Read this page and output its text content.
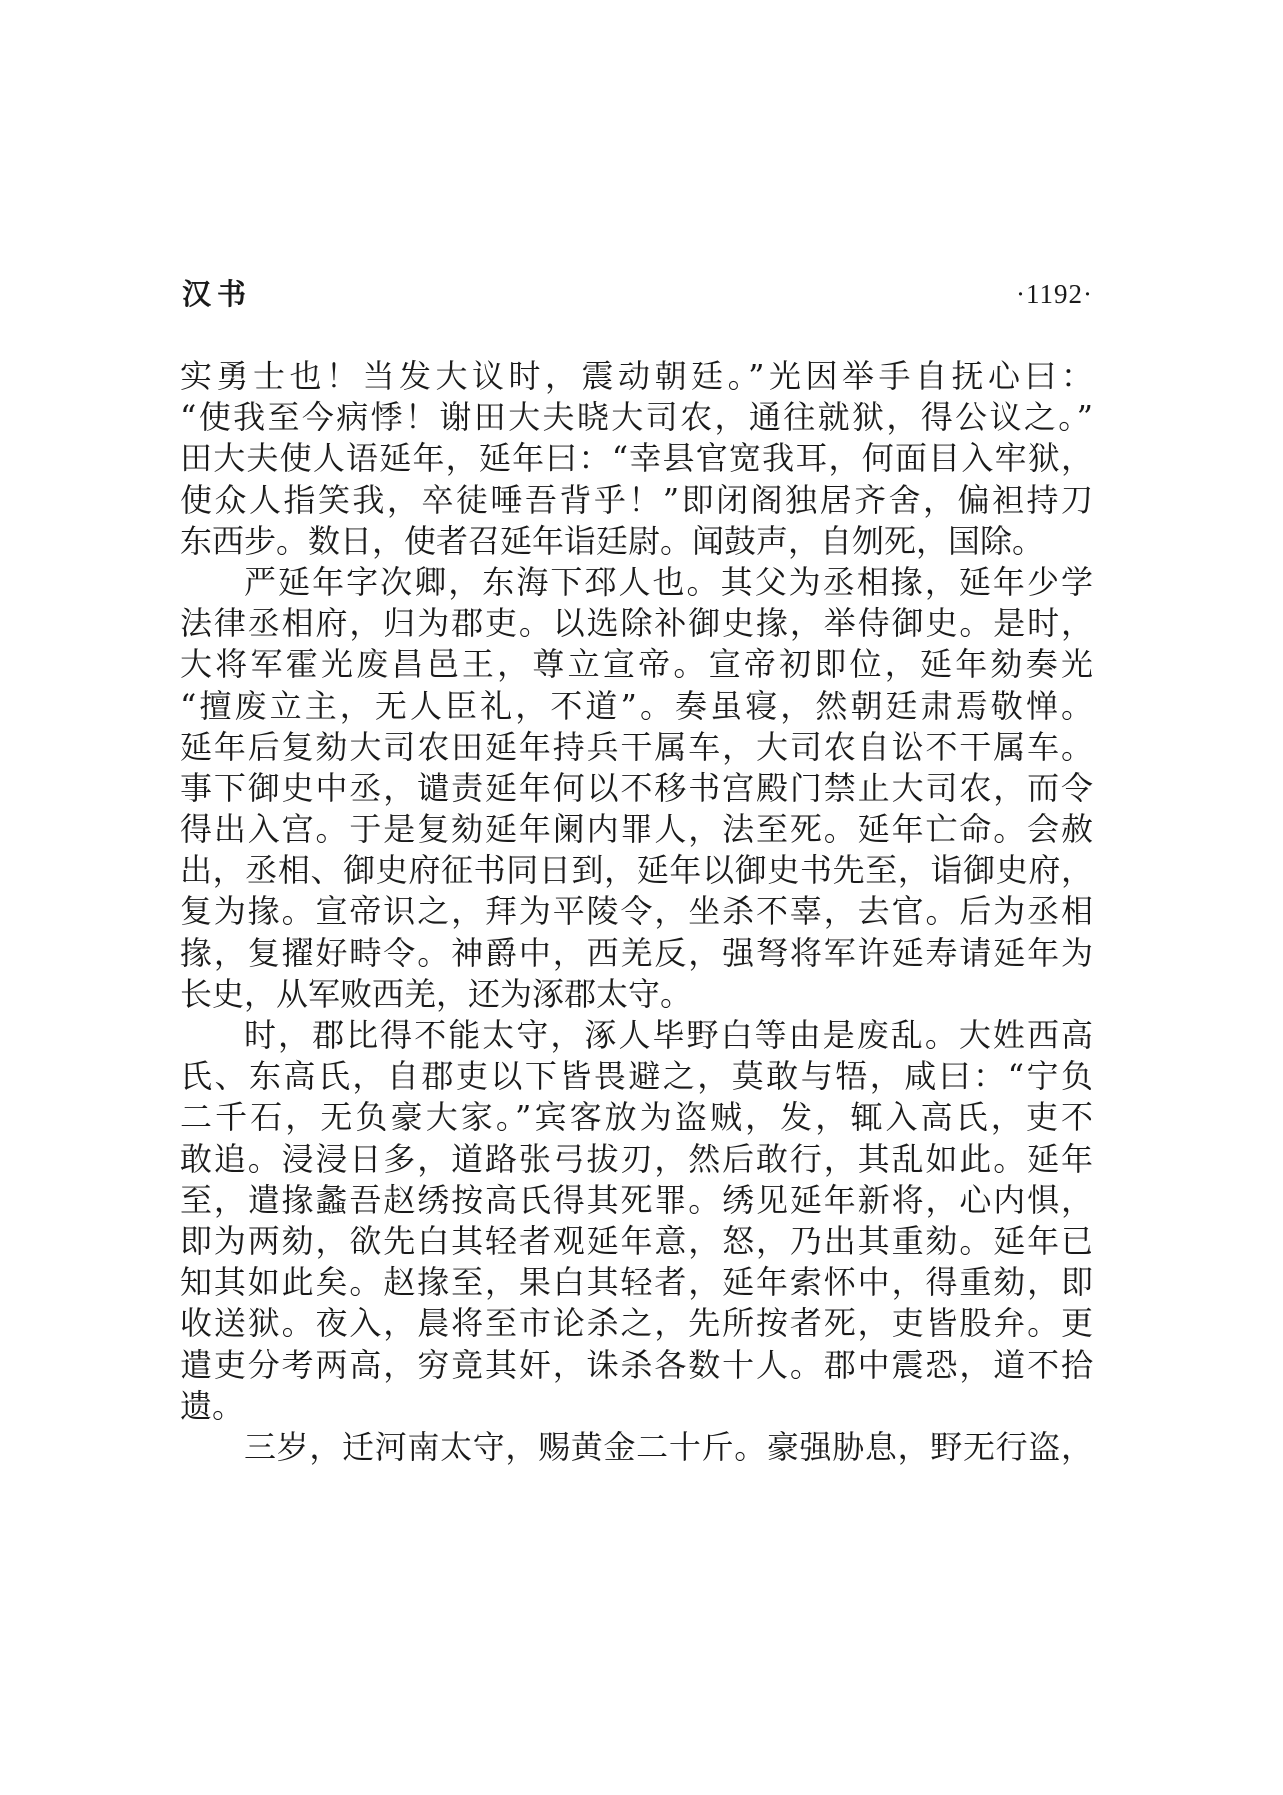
汉书	·1192·
实勇士也！当发大议时，震动朝廷。”光因举手自抚心曰：
“使我至今病悸！谢田大夫晓大司农，通往就狱，得公议之。”
田大夫使人语延年，延年曰：“幸县官宽我耳，何面目入牢狱，
使众人指笑我，卒徒唾吾背乎！”即闭阁独居齐舍，偏袒持刀
东西步。数日，使者召延年诣廷尉。闻鼓声，自刎死，国除。
严延年字次卿，东海下邳人也。其父为丞相掾，延年少学
法律丞相府，归为郡吏。以选除补御史掾，举侍御史。是时，
大将军霍光废昌邑王，尊立宣帝。宣帝初即位，延年劾奏光
“擅废立主，无人臣礼，不道”。奏虽寝，然朝廷肃焉敬惮。
延年后复劾大司农田延年持兵干属车，大司农自讼不干属车。
事下御史中丞，谴责延年何以不移书宫殿门禁止大司农，而令
得出入宫。于是复劾延年阑内罪人，法至死。延年亡命。会赦
出，丞相、御史府征书同日到，延年以御史书先至，诣御史府，
复为掾。宣帝识之，拜为平陵令，坐杀不辜，去官。后为丞相
掾，复擢好畤令。神爵中，西羌反，强弩将军许延寿请延年为
长史，从军败西羌，还为涿郡太守。
时，郡比得不能太守，涿人毕野白等由是废乱。大姓西高
氏、东高氏，自郡吏以下皆畏避之，莫敢与牾，咸曰：“宁负
二千石，无负豪大家。”宾客放为盗贼，发，辄入高氏，吏不
敢追。浸浸日多，道路张弓拔刃，然后敢行，其乱如此。延年
至，遣掾蠡吾赵绣按高氏得其死罪。绣见延年新将，心内惧，
即为两劾，欲先白其轻者观延年意，怒，乃出其重劾。延年已
知其如此矣。赵掾至，果白其轻者，延年索怀中，得重劾，即
收送狱。夜入，晨将至市论杀之，先所按者死，吏皆股弁。更
遣吏分考两高，穷竟其奸，诛杀各数十人。郡中震恐，道不拾
遗。
三岁，迁河南太守，赐黄金二十斤。豪强胁息，野无行盗，
